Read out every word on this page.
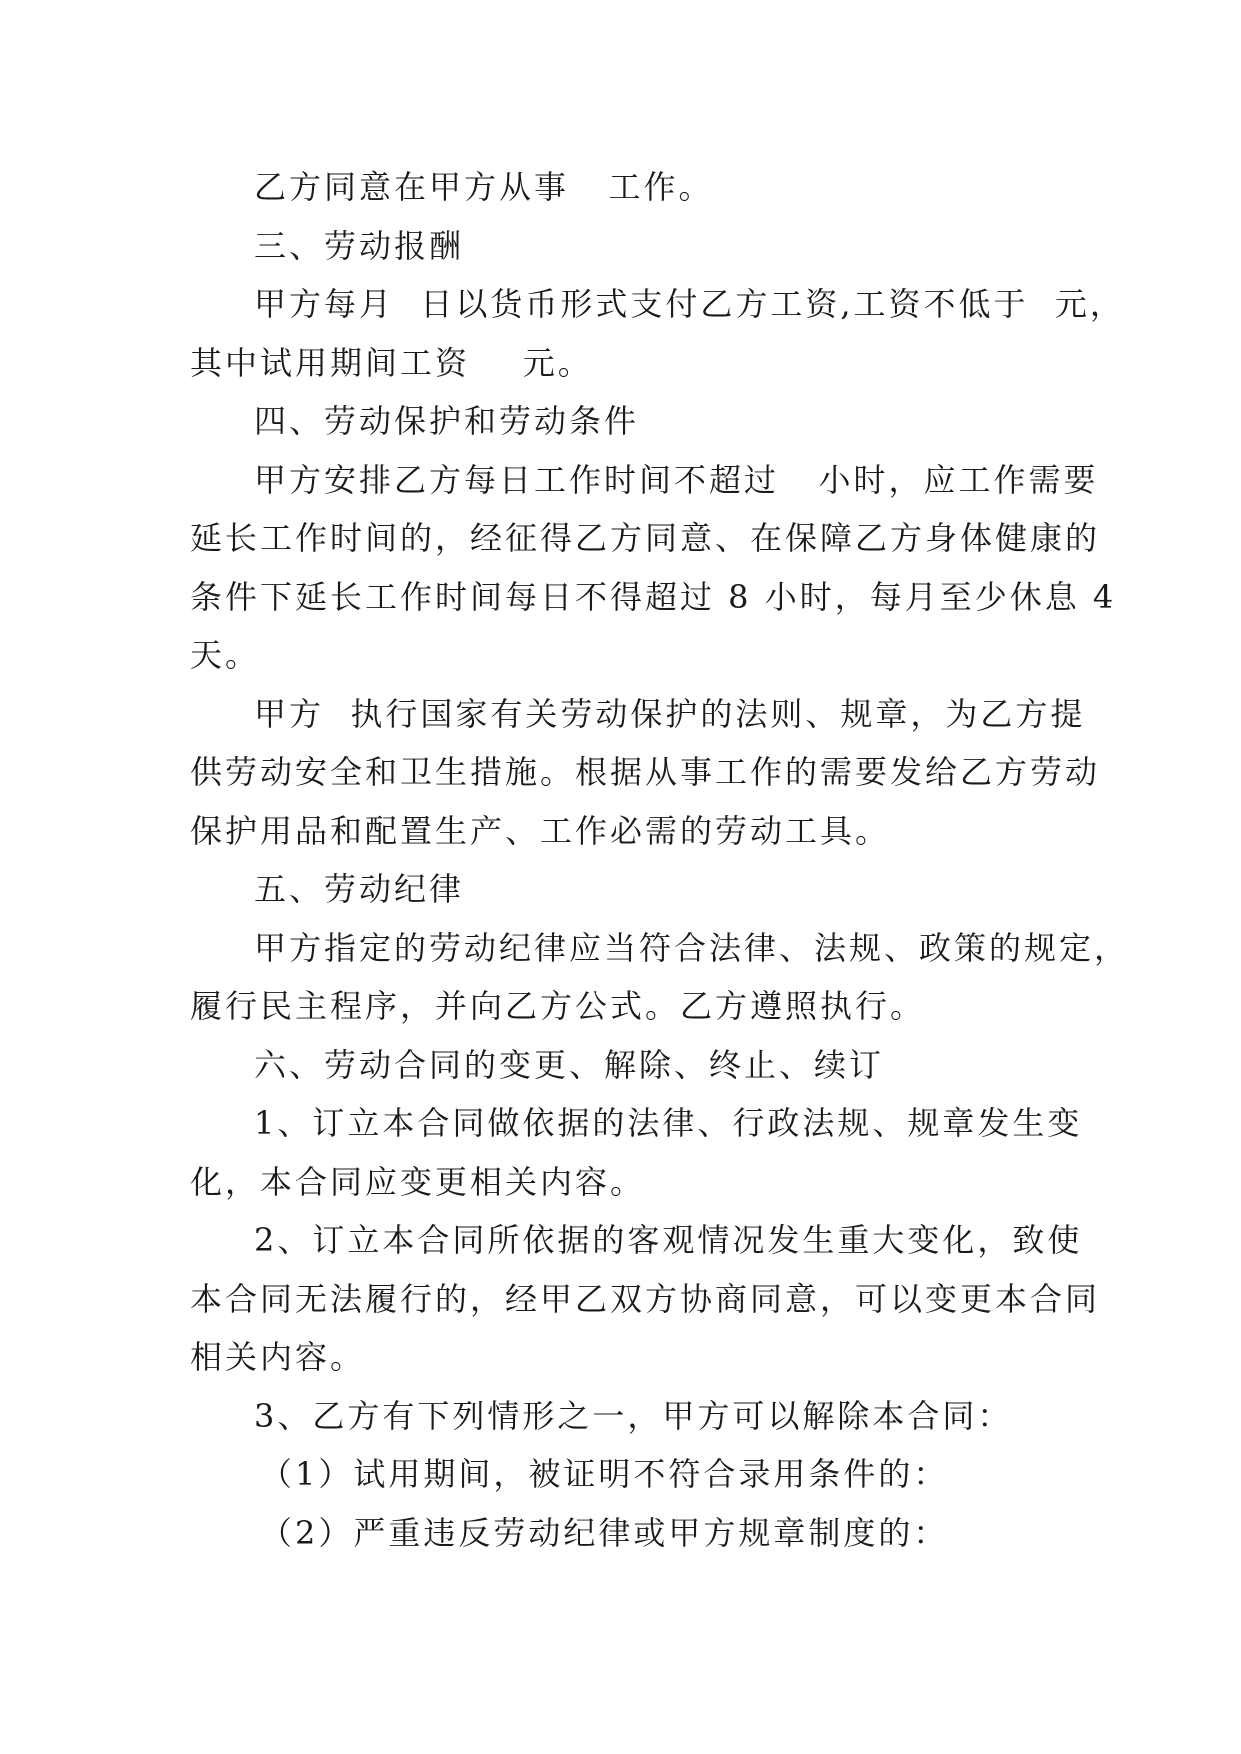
乙方同意在甲方从事   工作。
三、劳动报酬
甲方每月  日以货币形式支付乙方工资,工资不低于  元，
其中试用期间工资    元。
四、劳动保护和劳动条件
甲方安排乙方每日工作时间不超过   小时，应工作需要
延长工作时间的，经征得乙方同意、在保障乙方身体健康的
条件下延长工作时间每日不得超过 8 小时，每月至少休息 4
天。
甲方  执行国家有关劳动保护的法则、规章，为乙方提
供劳动安全和卫生措施。根据从事工作的需要发给乙方劳动
保护用品和配置生产、工作必需的劳动工具。
五、劳动纪律
甲方指定的劳动纪律应当符合法律、法规、政策的规定，
履行民主程序，并向乙方公式。乙方遵照执行。
六、劳动合同的变更、解除、终止、续订
1、订立本合同做依据的法律、行政法规、规章发生变
化，本合同应变更相关内容。
2、订立本合同所依据的客观情况发生重大变化，致使
本合同无法履行的，经甲乙双方协商同意，可以变更本合同
相关内容。
3、乙方有下列情形之一，甲方可以解除本合同：
（1）试用期间，被证明不符合录用条件的：
（2）严重违反劳动纪律或甲方规章制度的：
